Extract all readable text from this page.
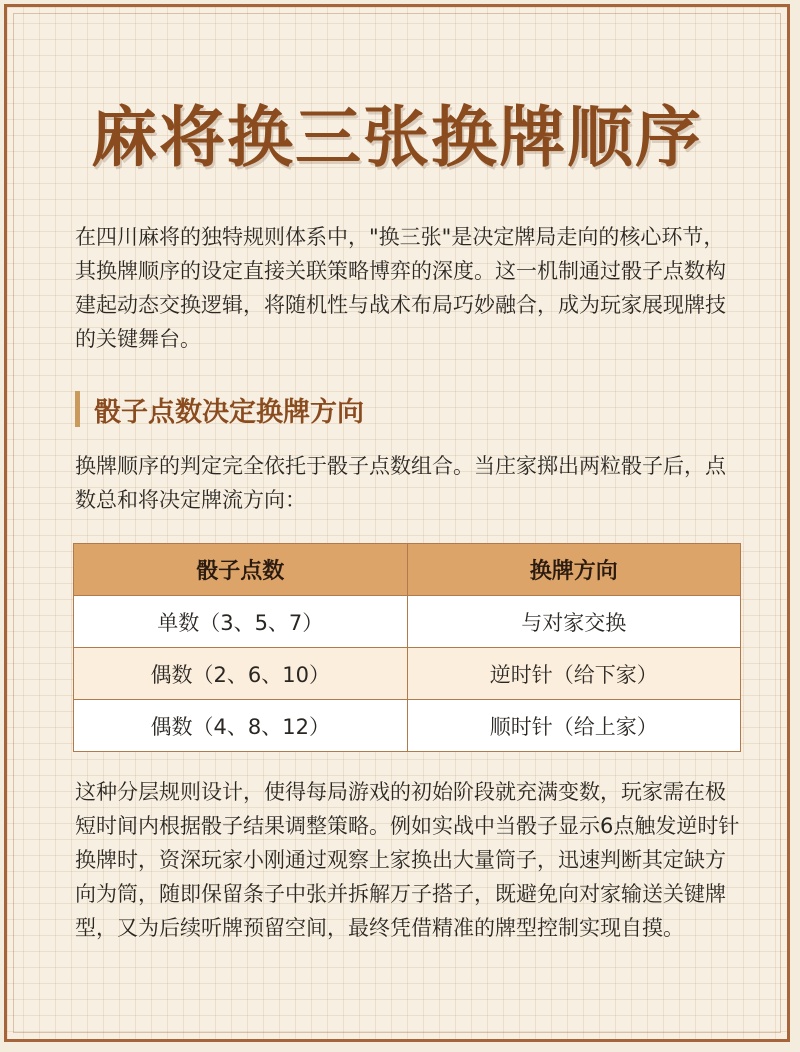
麻将换三张换牌顺序

在四川麻将的独特规则体系中，"换三张"是决定牌局走向的核心环节，其换牌顺序的设定直接关联策略博弈的深度。这一机制通过骰子点数构建起动态交换逻辑，将随机性与战术布局巧妙融合，成为玩家展现牌技的关键舞台。

骰子点数决定换牌方向

换牌顺序的判定完全依托于骰子点数组合。当庄家掷出两粒骰子后，点数总和将决定牌流方向：

骰子点数	换牌方向
单数（3、5、7）	与对家交换
偶数（2、6、10）	逆时针（给下家）
偶数（4、8、12）	顺时针（给上家）

这种分层规则设计，使得每局游戏的初始阶段就充满变数，玩家需在极短时间内根据骰子结果调整策略。例如实战中当骰子显示6点触发逆时针换牌时，资深玩家小刚通过观察上家换出大量筒子，迅速判断其定缺方向为筒，随即保留条子中张并拆解万子搭子，既避免向对家输送关键牌型，又为后续听牌预留空间，最终凭借精准的牌型控制实现自摸。
